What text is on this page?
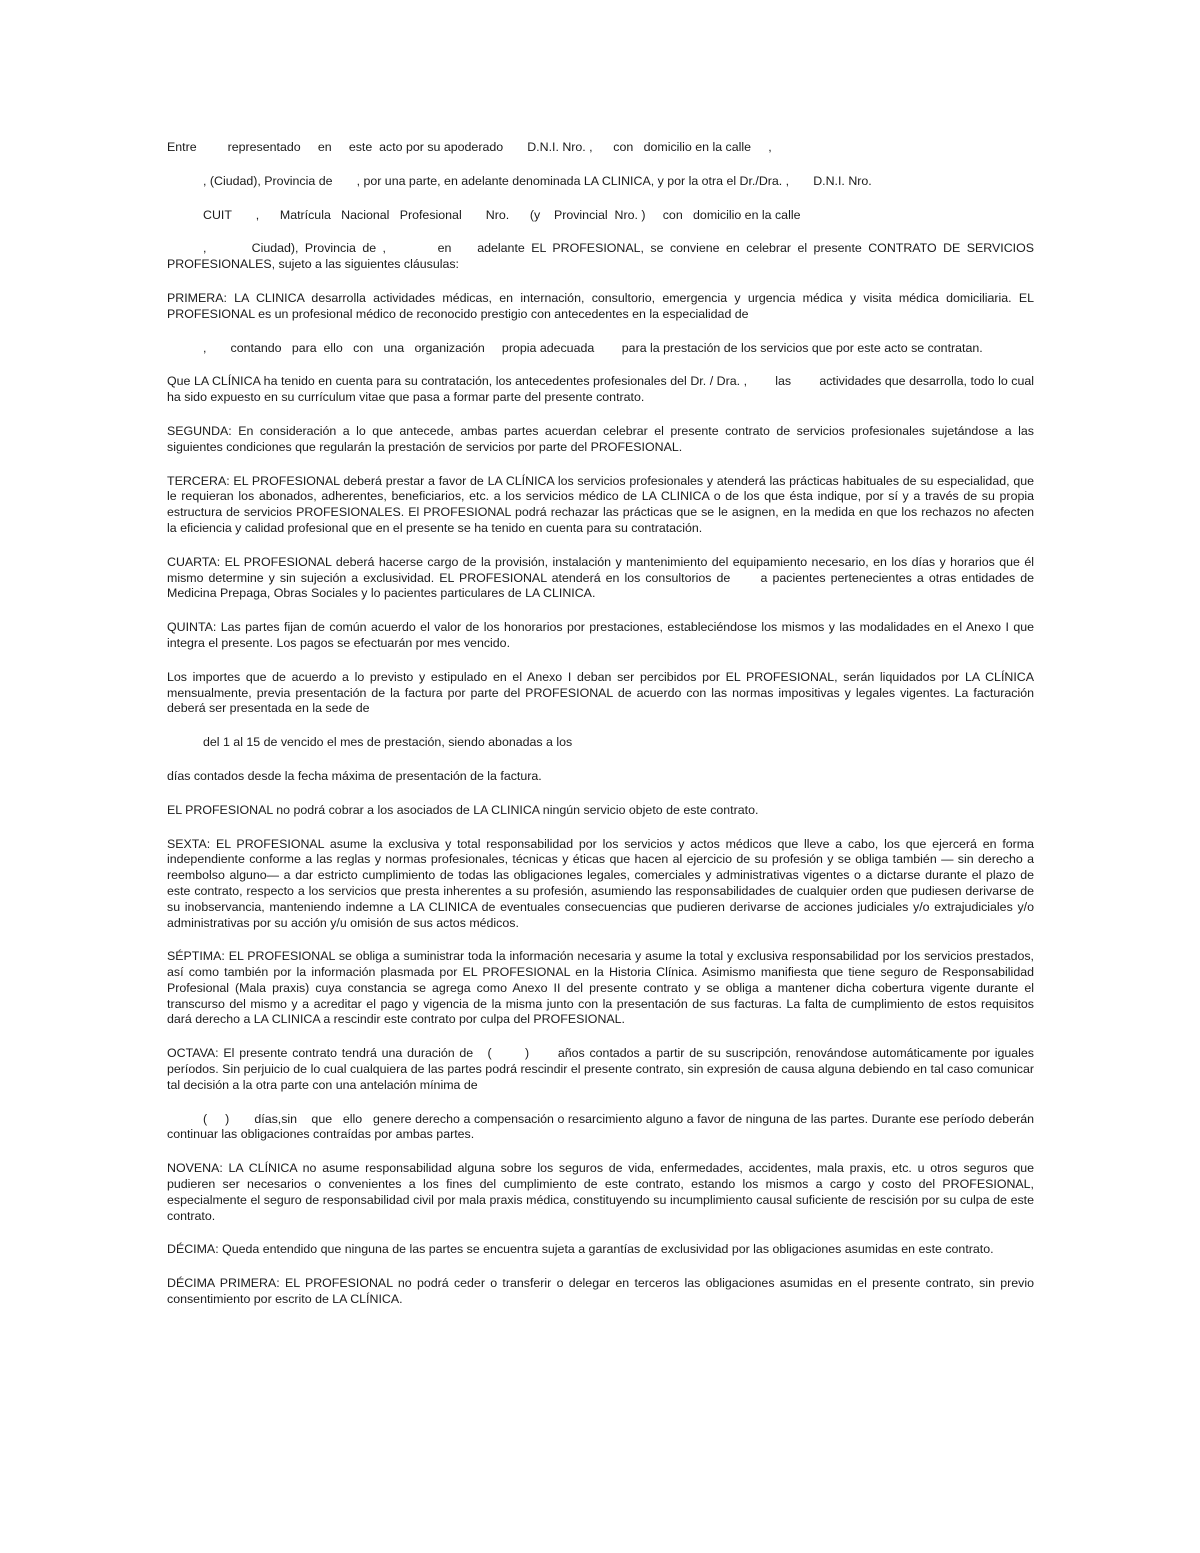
Entre         representado     en     este  acto por su apoderado       D.N.I. Nro. ,      con   domicilio en la calle     ,

, (Ciudad), Provincia de       , por una parte, en adelante denominada LA CLINICA, y por la otra el Dr./Dra. ,       D.N.I. Nro.

CUIT       ,      Matrícula   Nacional   Profesional       Nro.      (y    Provincial  Nro. )     con   domicilio en la calle

,       Ciudad), Provincia de ,        en    adelante EL PROFESIONAL, se conviene en celebrar el presente CONTRATO DE SERVICIOS PROFESIONALES, sujeto a las siguientes cláusulas:

PRIMERA: LA CLINICA desarrolla actividades médicas, en internación, consultorio, emergencia y urgencia médica y visita médica domiciliaria. EL PROFESIONAL es un profesional médico de reconocido prestigio con antecedentes en la especialidad de

,       contando   para  ello   con   una   organización     propia adecuada        para la prestación de los servicios que por este acto se contratan.

Que LA CLÍNICA ha tenido en cuenta para su contratación, los antecedentes profesionales del Dr. / Dra. ,        las        actividades que desarrolla, todo lo cual ha sido expuesto en su currículum vitae que pasa a formar parte del presente contrato.

SEGUNDA: En consideración a lo que antecede, ambas partes acuerdan celebrar el presente contrato de servicios profesionales sujetándose a las siguientes condiciones que regularán la prestación de servicios por parte del PROFESIONAL.

TERCERA: EL PROFESIONAL deberá prestar a favor de LA CLÍNICA los servicios profesionales y atenderá las prácticas habituales de su especialidad, que le requieran los abonados, adherentes, beneficiarios, etc. a los servicios médico de LA CLINICA o de los que ésta indique, por sí y a través de su propia estructura de servicios PROFESIONALES. El PROFESIONAL podrá rechazar las prácticas que se le asignen, en la medida en que los rechazos no afecten la eficiencia y calidad profesional que en el presente se ha tenido en cuenta para su contratación.

CUARTA: EL PROFESIONAL deberá hacerse cargo de la provisión, instalación y mantenimiento del equipamiento necesario, en los días y horarios que él mismo determine y sin sujeción a exclusividad. EL PROFESIONAL atenderá en los consultorios de      a pacientes pertenecientes a otras entidades de Medicina Prepaga, Obras Sociales y lo pacientes particulares de LA CLINICA.

QUINTA: Las partes fijan de común acuerdo el valor de los honorarios por prestaciones, estableciéndose los mismos y las modalidades en el Anexo I que integra el presente. Los pagos se efectuarán por mes vencido.

Los importes que de acuerdo a lo previsto y estipulado en el Anexo I deban ser percibidos por EL PROFESIONAL, serán liquidados por LA CLÍNICA mensualmente, previa presentación de la factura por parte del PROFESIONAL de acuerdo con las normas impositivas y legales vigentes. La facturación deberá ser presentada en la sede de

del 1 al 15 de vencido el mes de prestación, siendo abonadas a los

días contados desde la fecha máxima de presentación de la factura.

EL PROFESIONAL no podrá cobrar a los asociados de LA CLINICA ningún servicio objeto de este contrato.

SEXTA: EL PROFESIONAL asume la exclusiva y total responsabilidad por los servicios y actos médicos que lleve a cabo, los que ejercerá en forma independiente conforme a las reglas y normas profesionales, técnicas y éticas que hacen al ejercicio de su profesión y se obliga también — sin derecho a reembolso alguno— a dar estricto cumplimiento de todas las obligaciones legales, comerciales y administrativas vigentes o a dictarse durante el plazo de este contrato, respecto a los servicios que presta inherentes a su profesión, asumiendo las responsabilidades de cualquier orden que pudiesen derivarse de su inobservancia, manteniendo indemne a LA CLINICA de eventuales consecuencias que pudieren derivarse de acciones judiciales y/o extrajudiciales y/o administrativas por su acción y/u omisión de sus actos médicos.

SÉPTIMA: EL PROFESIONAL se obliga a suministrar toda la información necesaria y asume la total y exclusiva responsabilidad por los servicios prestados, así como también por la información plasmada por EL PROFESIONAL en la Historia Clínica. Asimismo manifiesta que tiene seguro de Responsabilidad Profesional (Mala praxis) cuya constancia se agrega como Anexo II del presente contrato y se obliga a mantener dicha cobertura vigente durante el transcurso del mismo y a acreditar el pago y vigencia de la misma junto con la presentación de sus facturas. La falta de cumplimiento de estos requisitos dará derecho a LA CLINICA a rescindir este contrato por culpa del PROFESIONAL.

OCTAVA: El presente contrato tendrá una duración de   (       )      años contados a partir de su suscripción, renovándose automáticamente por iguales períodos. Sin perjuicio de lo cual cualquiera de las partes podrá rescindir el presente contrato, sin expresión de causa alguna debiendo en tal caso comunicar tal decisión a la otra parte con una antelación mínima de

(     )       días,sin    que   ello   genere derecho a compensación o resarcimiento alguno a favor de ninguna de las partes. Durante ese período deberán continuar las obligaciones contraídas por ambas partes.

NOVENA: LA CLÍNICA no asume responsabilidad alguna sobre los seguros de vida, enfermedades, accidentes, mala praxis, etc. u otros seguros que pudieren ser necesarios o convenientes a los fines del cumplimiento de este contrato, estando los mismos a cargo y costo del PROFESIONAL, especialmente el seguro de responsabilidad civil por mala praxis médica, constituyendo su incumplimiento causal suficiente de rescisión por su culpa de este contrato.

DÉCIMA: Queda entendido que ninguna de las partes se encuentra sujeta a garantías de exclusividad por las obligaciones asumidas en este contrato.

DÉCIMA PRIMERA: EL PROFESIONAL no podrá ceder o transferir o delegar en terceros las obligaciones asumidas en el presente contrato, sin previo consentimiento por escrito de LA CLÍNICA.
